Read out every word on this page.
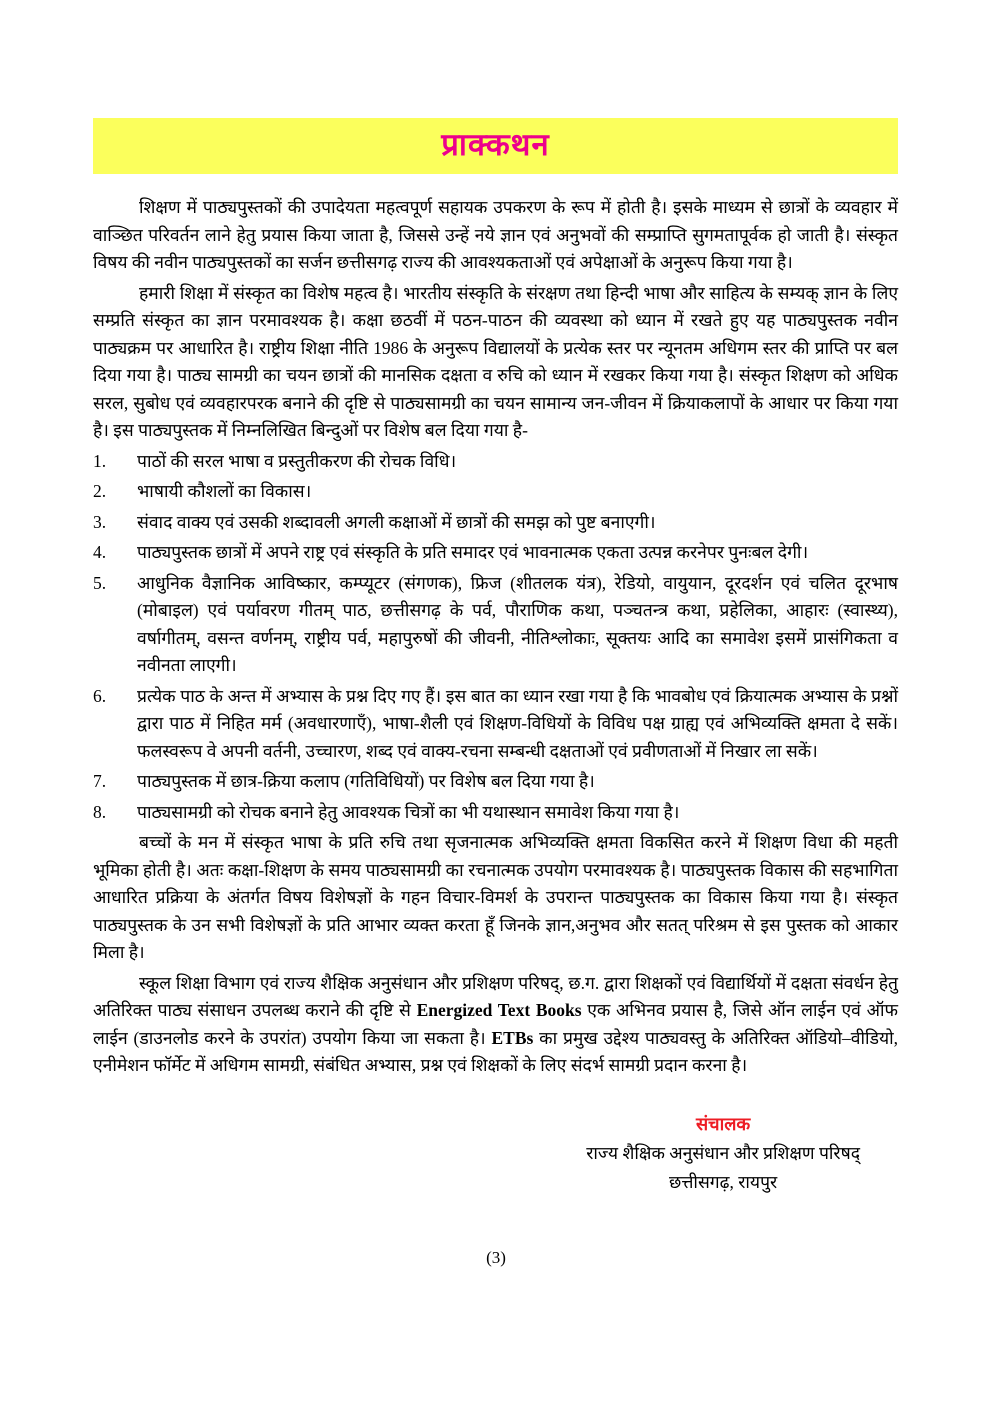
प्राक्कथन

शिक्षण में पाठ्यपुस्तकों की उपादेयता महत्वपूर्ण सहायक उपकरण के रूप में होती है। इसके माध्यम से छात्रों के व्यवहार में वाञ्छित परिवर्तन लाने हेतु प्रयास किया जाता है, जिससे उन्हें नये ज्ञान एवं अनुभवों की सम्प्राप्ति सुगमतापूर्वक हो जाती है। संस्कृत विषय की नवीन पाठ्यपुस्तकों का सर्जन छत्तीसगढ़ राज्य की आवश्यकताओं एवं अपेक्षाओं के अनुरूप किया गया है।

हमारी शिक्षा में संस्कृत का विशेष महत्व है। भारतीय संस्कृति के संरक्षण तथा हिन्दी भाषा और साहित्य के सम्यक् ज्ञान के लिए सम्प्रति संस्कृत का ज्ञान परमावश्यक है। कक्षा छठवीं में पठन-पाठन की व्यवस्था को ध्यान में रखते हुए यह पाठ्यपुस्तक नवीन पाठ्यक्रम पर आधारित है। राष्ट्रीय शिक्षा नीति 1986 के अनुरूप विद्यालयों के प्रत्येक स्तर पर न्यूनतम अधिगम स्तर की प्राप्ति पर बल दिया गया है। पाठ्य सामग्री का चयन छात्रों की मानसिक दक्षता व रुचि को ध्यान में रखकर किया गया है। संस्कृत शिक्षण को अधिक सरल, सुबोध एवं व्यवहारपरक बनाने की दृष्टि से पाठ्यसामग्री का चयन सामान्य जन-जीवन में क्रियाकलापों के आधार पर किया गया है। इस पाठ्यपुस्तक में निम्नलिखित बिन्दुओं पर विशेष बल दिया गया है-

1.	पाठों की सरल भाषा व प्रस्तुतीकरण की रोचक विधि।
2.	भाषायी कौशलों का विकास।
3.	संवाद वाक्य एवं उसकी शब्दावली अगली कक्षाओं में छात्रों की समझ को पुष्ट बनाएगी।
4.	पाठ्यपुस्तक छात्रों में अपने राष्ट्र एवं संस्कृति के प्रति समादर एवं भावनात्मक एकता उत्पन्न करनेपर पुनःबल देगी।
5.	आधुनिक वैज्ञानिक आविष्कार, कम्प्यूटर (संगणक), फ्रिज (शीतलक यंत्र), रेडियो, वायुयान, दूरदर्शन एवं चलित दूरभाष (मोबाइल) एवं पर्यावरण गीतम् पाठ, छत्तीसगढ़ के पर्व, पौराणिक कथा, पञ्चतन्त्र कथा, प्रहेलिका, आहारः (स्वास्थ्य), वर्षागीतम्, वसन्त वर्णनम्, राष्ट्रीय पर्व, महापुरुषों की जीवनी, नीतिश्लोकाः, सूक्तयः आदि का समावेश इसमें प्रासंगिकता व नवीनता लाएगी।
6.	प्रत्येक पाठ के अन्त में अभ्यास के प्रश्न दिए गए हैं। इस बात का ध्यान रखा गया है कि भावबोध एवं क्रियात्मक अभ्यास के प्रश्नों द्वारा पाठ में निहित मर्म (अवधारणाएँ), भाषा-शैली एवं शिक्षण-विधियों के विविध पक्ष ग्राह्य एवं अभिव्यक्ति क्षमता दे सकें। फलस्वरूप वे अपनी वर्तनी, उच्चारण, शब्द एवं वाक्य-रचना सम्बन्धी दक्षताओं एवं प्रवीणताओं में निखार ला सकें।
7.	पाठ्यपुस्तक में छात्र-क्रिया कलाप (गतिविधियों) पर विशेष बल दिया गया है।
8.	पाठ्यसामग्री को रोचक बनाने हेतु आवश्यक चित्रों का भी यथास्थान समावेश किया गया है।

बच्चों के मन में संस्कृत भाषा के प्रति रुचि तथा सृजनात्मक अभिव्यक्ति क्षमता विकसित करने में शिक्षण विधा की महती भूमिका होती है। अतः कक्षा-शिक्षण के समय पाठ्यसामग्री का रचनात्मक उपयोग परमावश्यक है। पाठ्यपुस्तक विकास की सहभागिता आधारित प्रक्रिया के अंतर्गत विषय विशेषज्ञों के गहन विचार-विमर्श के उपरान्त पाठ्यपुस्तक का विकास किया गया है। संस्कृत पाठ्यपुस्तक के उन सभी विशेषज्ञों के प्रति आभार व्यक्त करता हूँ जिनके ज्ञान,अनुभव और सतत् परिश्रम से इस पुस्तक को आकार मिला है।

स्कूल शिक्षा विभाग एवं राज्य शैक्षिक अनुसंधान और प्रशिक्षण परिषद्, छ.ग. द्वारा शिक्षकों एवं विद्यार्थियों में दक्षता संवर्धन हेतु अतिरिक्त पाठ्य संसाधन उपलब्ध कराने की दृष्टि से Energized Text Books एक अभिनव प्रयास है, जिसे ऑन लाईन एवं ऑफ लाईन (डाउनलोड करने के उपरांत) उपयोग किया जा सकता है। ETBs का प्रमुख उद्देश्य पाठ्यवस्तु के अतिरिक्त ऑडियो–वीडियो, एनीमेशन फॉर्मेट में अधिगम सामग्री, संबंधित अभ्यास, प्रश्न एवं शिक्षकों के लिए संदर्भ सामग्री प्रदान करना है।

संचालक
राज्य शैक्षिक अनुसंधान और प्रशिक्षण परिषद्
छत्तीसगढ़, रायपुर
(3)
